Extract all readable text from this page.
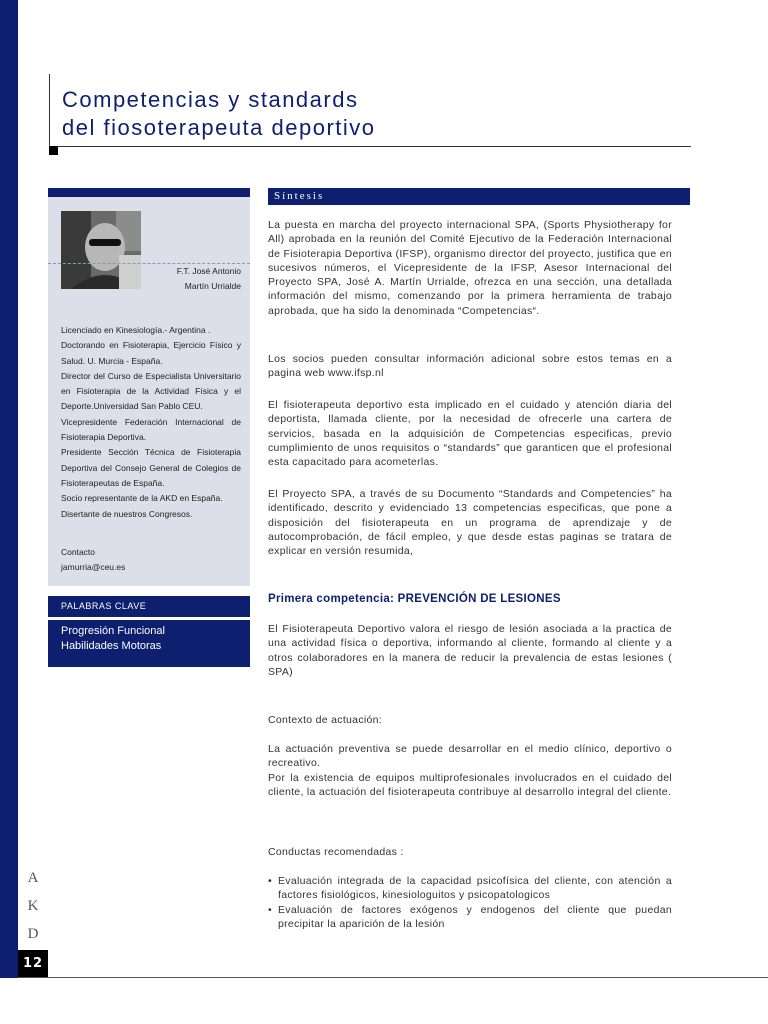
Competencias y standards
del fiosoterapeuta deportivo
F.T. José Antonio
Martín Urrialde
Licenciado en Kinesiología.- Argentina .
Doctorando en Fisioterapia, Ejercicio Físico y Salud. U. Murcia - España.
Director del Curso de Especialista Universitario en Fisioterapia de la Actividad Física y el Deporte.Universidad San Pablo CEU.
Vicepresidente Federación Internacional de Fisioterapia Deportiva.
Presidente Sección Técnica de Fisioterapia Deportiva del Consejo General de Colegios de Fisioterapeutas de España.
Socio representante de la AKD en España.
Disertante de nuestros Congresos.
Contacto
jamurria@ceu.es
PALABRAS CLAVE
Progresión Funcional
Habilidades Motoras
Síntesis
La puesta en marcha del proyecto internacional SPA, (Sports Physiotherapy for All) aprobada en la reunión del Comité Ejecutivo de la Federación Internacional de Fisioterapia Deportiva (IFSP), organismo director del proyecto, justifica que en sucesivos números, el Vicepresidente de la IFSP, Asesor Internacional del Proyecto SPA, José A. Martín Urrialde, ofrezca en una sección, una detallada información del mismo, comenzando por la primera herramienta de trabajo aprobada, que ha sido la denominada “Competencias“.
Los socios pueden consultar información adicional sobre estos temas en a pagina web www.ifsp.nl
El fisioterapeuta deportivo esta implicado en el cuidado y atención diaria del deportista, llamada cliente, por la necesidad de ofrecerle una cartera de servicios, basada en la adquisición de Competencias especificas, previo cumplimiento de unos requisitos o “standards” que garanticen que el profesional esta capacitado para acometerlas.
El Proyecto SPA, a través de su Documento “Standards and Competencies” ha identificado, descrito y evidenciado 13 competencias especificas, que pone a disposición del fisioterapeuta en un programa de aprendizaje y de autocomprobación, de fácil empleo, y que desde estas paginas se tratara de explicar en versión resumida,
Primera competencia: PREVENCIÓN DE LESIONES
El Fisioterapeuta Deportivo valora el riesgo de lesión asociada a la practica de una actividad física o deportiva, informando al cliente, formando al cliente y a otros colaboradores en la manera de reducir la prevalencia de estas lesiones ( SPA)
Contexto de actuación:
La actuación preventiva se puede desarrollar en el medio clínico, deportivo o recreativo.
Por la existencia de equipos multiprofesionales involucrados en el cuidado del cliente, la actuación del fisioterapeuta contribuye al desarrollo integral del cliente.
Conductas recomendadas :
• Evaluación integrada de la capacidad psicofísica del cliente, con atención a factores fisiológicos, kinesiologuitos y psicopatologicos
• Evaluación de factores exógenos y endogenos del cliente que puedan precipitar la aparición de la lesión
A
K
D
12
